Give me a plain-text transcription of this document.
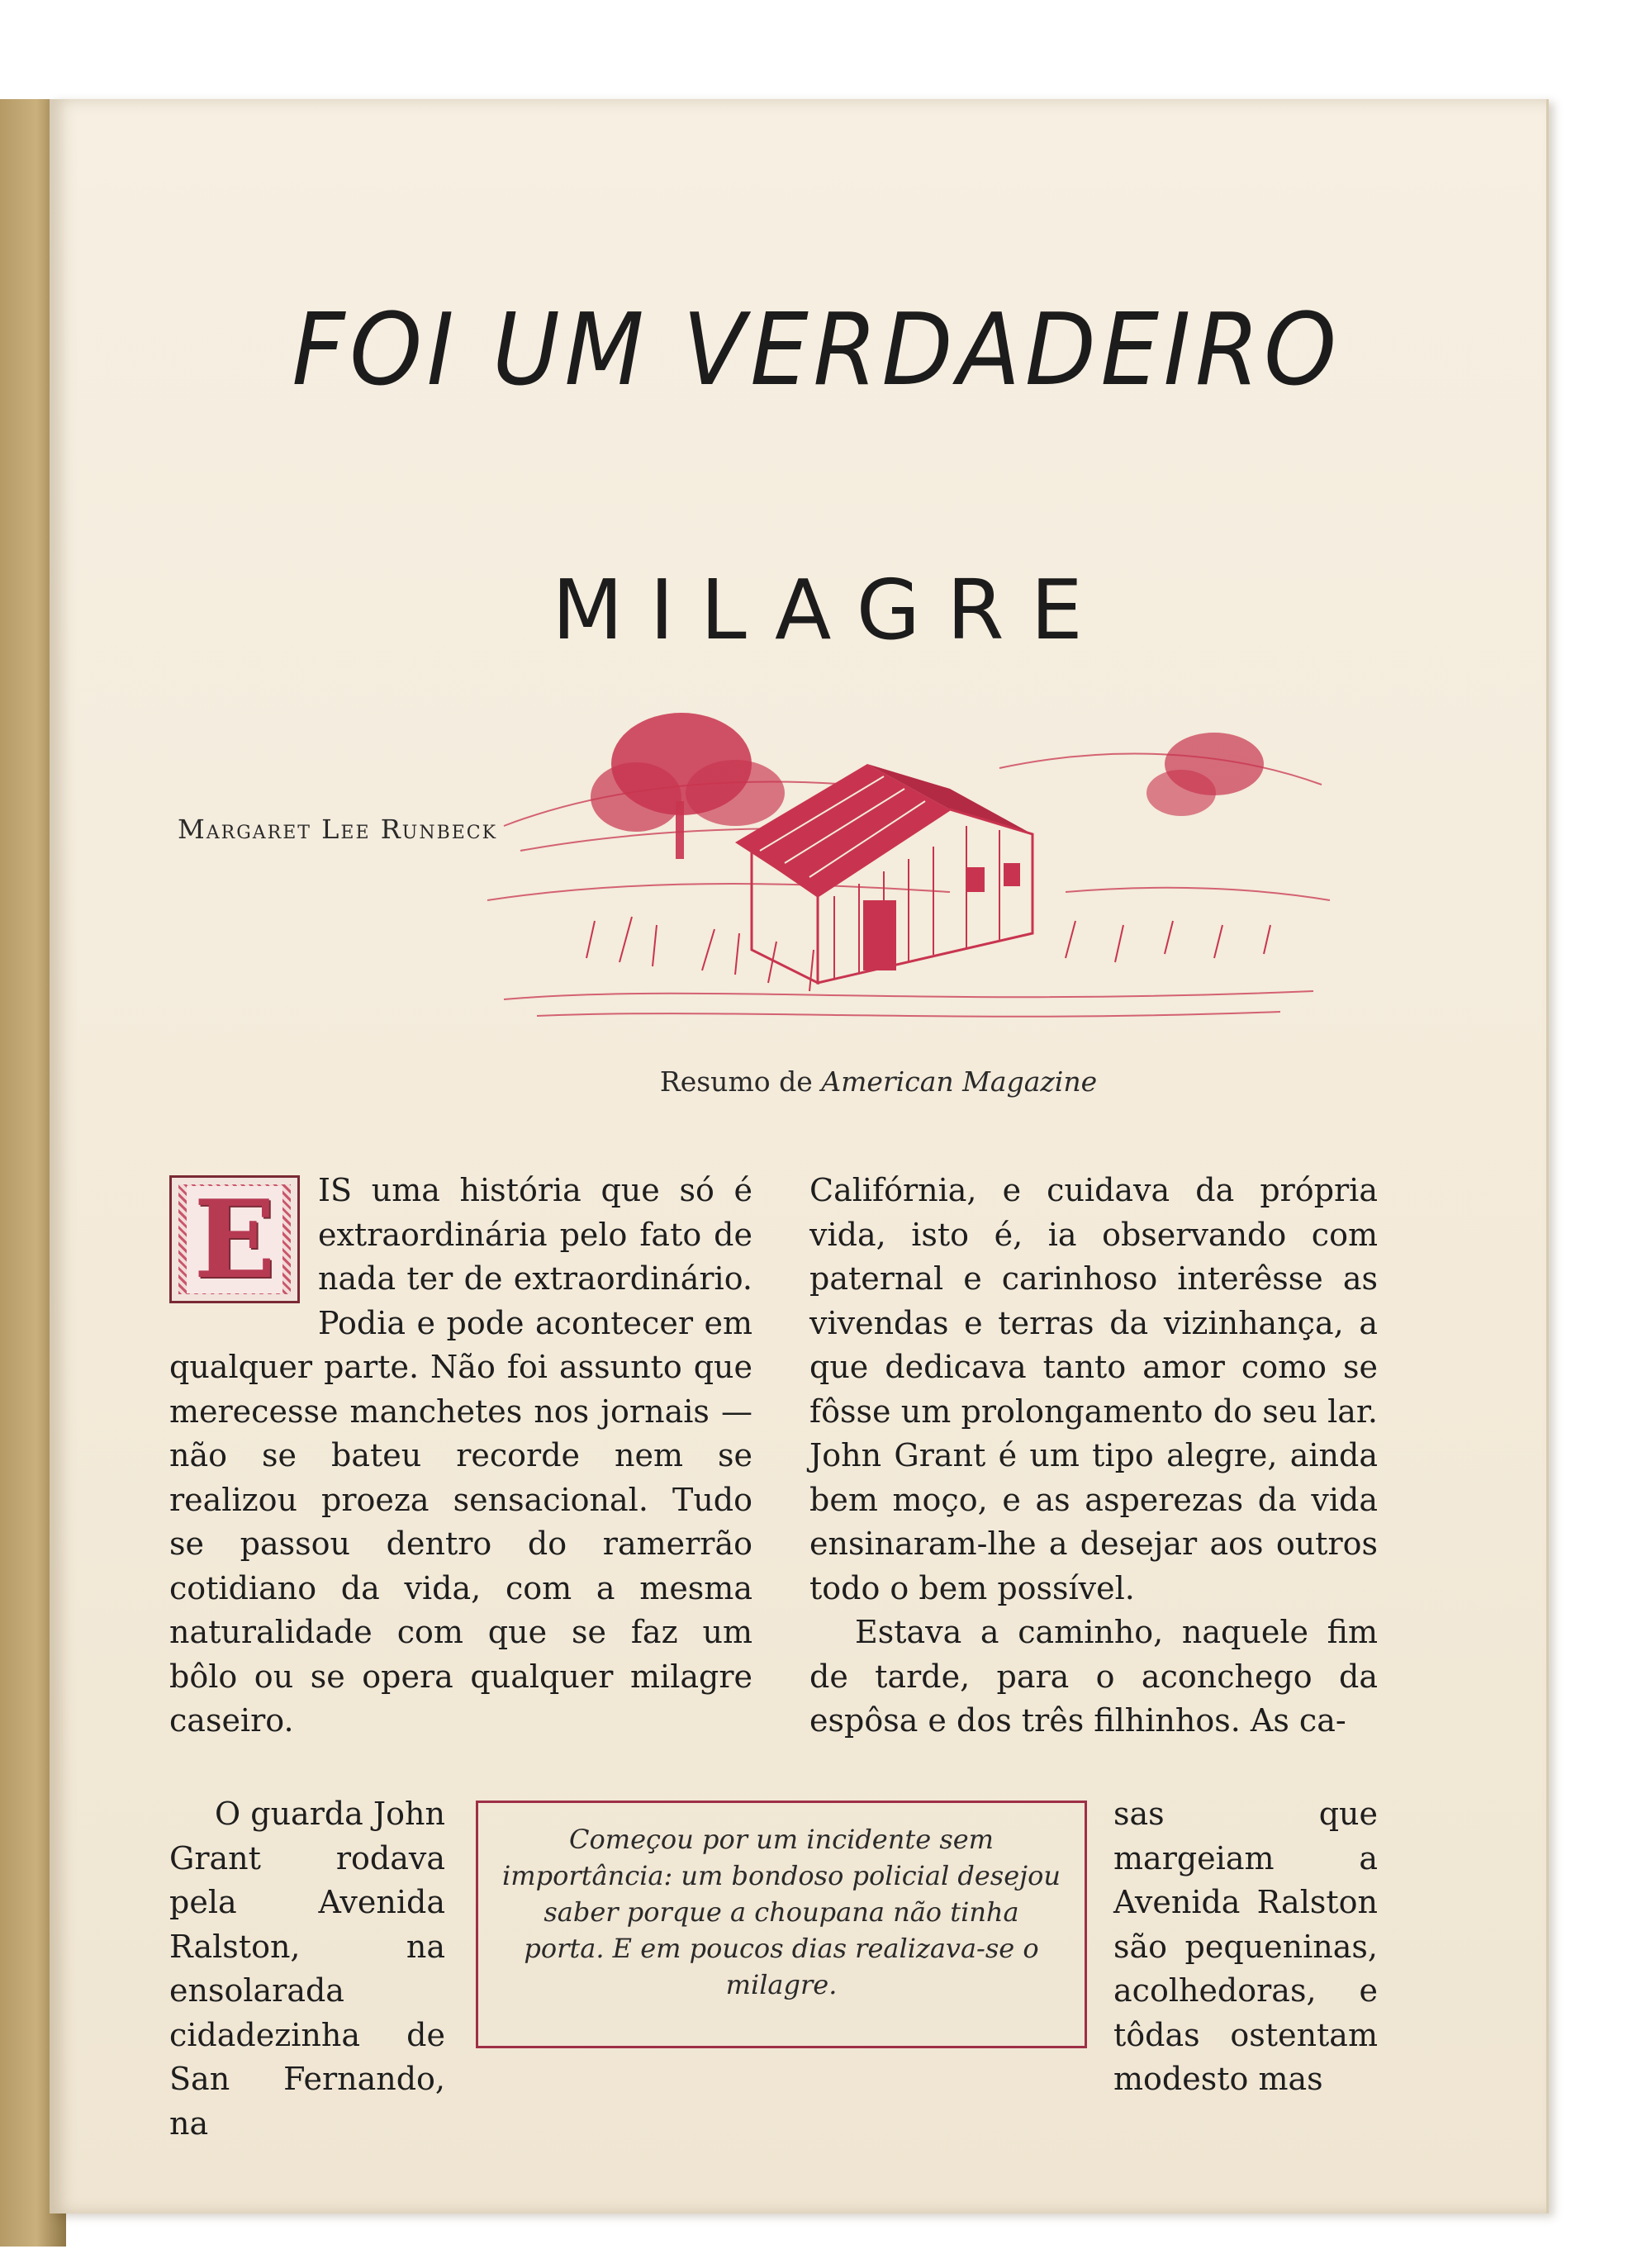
FOI UM VERDADEIRO
MILAGRE
Margaret Lee Runbeck
Resumo de American Magazine
E	IS uma história que só é extraordinária pelo fato de nada ter de extraordinário. Podia e pode acontecer em qualquer parte. Não foi assunto que merecesse manchetes nos jornais — não se bateu recorde nem se realizou proeza sensacional. Tudo se passou dentro do ramerrão cotidiano da vida, com a mesma naturalidade com que se faz um bôlo ou se opera qualquer milagre caseiro.

O guarda John Grant rodava pela Avenida Ralston, na ensolarada cidadezinha de San Fernando, na

Califórnia, e cuidava da própria vida, isto é, ia observando com paternal e carinhoso interêsse as vivendas e terras da vizinhança, a que dedicava tanto amor como se fôsse um prolongamento do seu lar. John Grant é um tipo alegre, ainda bem moço, e as asperezas da vida ensinaram-lhe a desejar aos outros todo o bem possível.

Estava a caminho, naquele fim de tarde, para o aconchego da espôsa e dos três filhinhos. As ca-

sas que margeiam a Avenida Ralston são pequeninas, acolhedoras, e tôdas ostentam modesto mas

Começou por um incidente sem importância: um bondoso policial desejou saber porque a choupana não tinha porta. E em poucos dias realizava-se o milagre.
